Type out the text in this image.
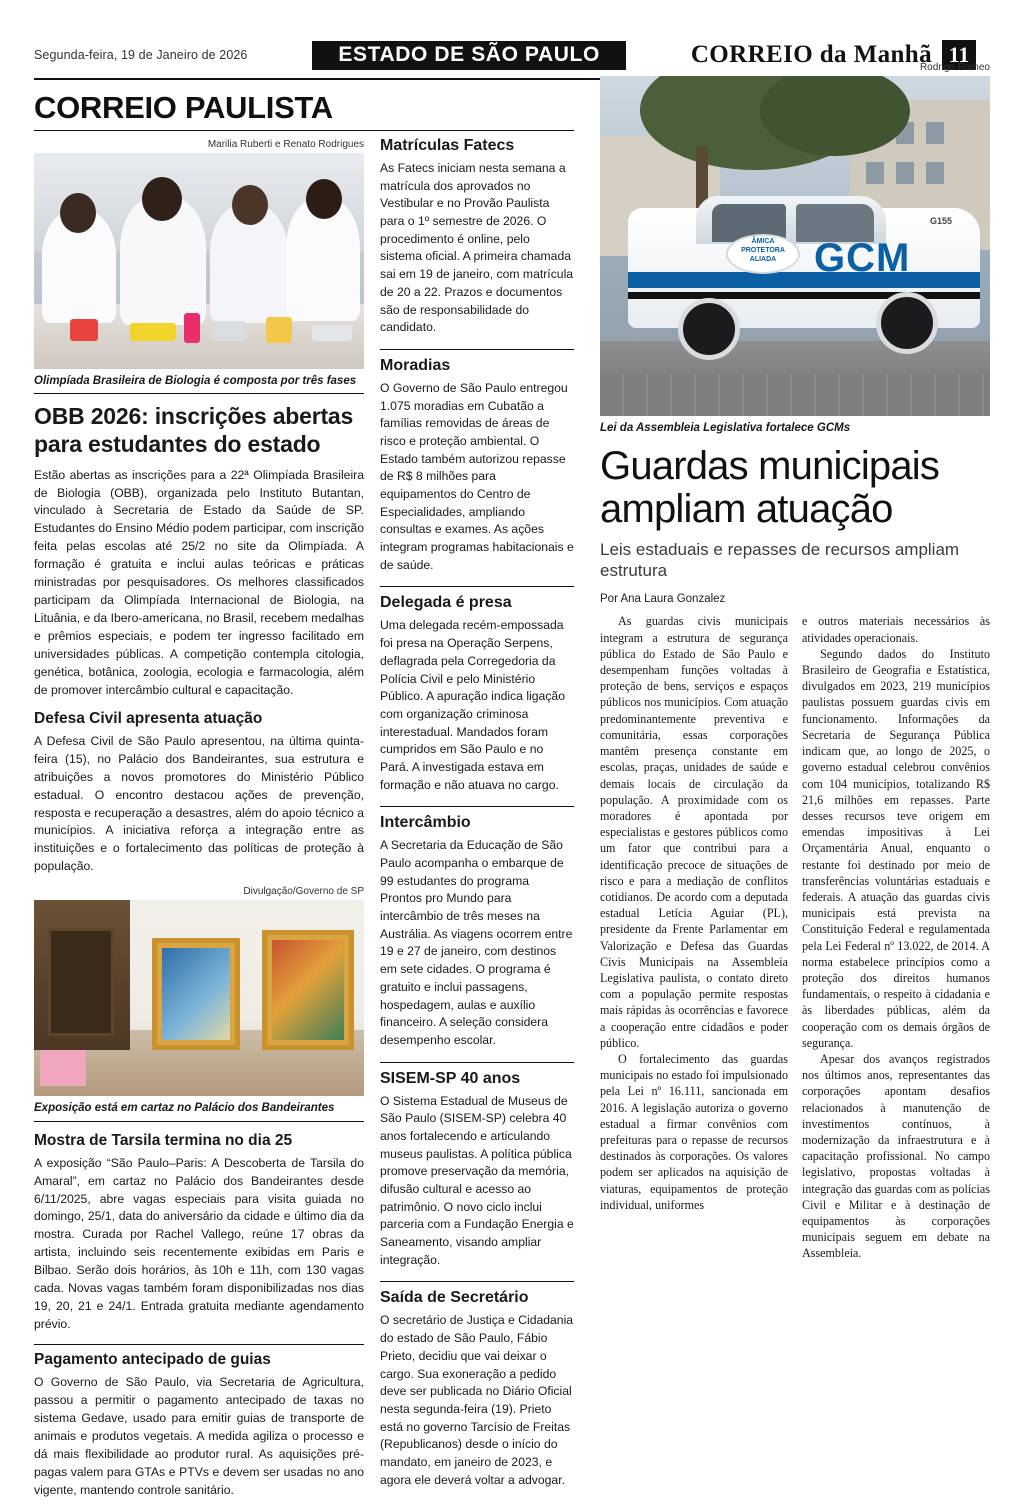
Segunda-feira, 19 de Janeiro de 2026	ESTADO DE SÃO PAULO	CORREIO da Manhã 11
CORREIO PAULISTA
Marilia Ruberti e Renato Rodrigues
Olimpíada Brasileira de Biologia é composta por três fases
OBB 2026: inscrições abertas para estudantes do estado

Estão abertas as inscrições para a 22ª Olimpíada Brasileira de Biologia (OBB), organizada pelo Instituto Butantan, vinculado à Secretaria de Estado da Saúde de SP. Estudantes do Ensino Médio podem participar, com inscrição feita pelas escolas até 25/2 no site da Olimpíada. A formação é gratuita e inclui aulas teóricas e práticas ministradas por pesquisadores. Os melhores classificados participam da Olimpíada Internacional de Biologia, na Lituânia, e da Ibero-americana, no Brasil, recebem medalhas e prêmios especiais, e podem ter ingresso facilitado em universidades públicas. A competição contempla citologia, genética, botânica, zoologia, ecologia e farmacologia, além de promover intercâmbio cultural e capacitação.

Defesa Civil apresenta atuação

A Defesa Civil de São Paulo apresentou, na última quinta-feira (15), no Palácio dos Bandeirantes, sua estrutura e atribuições a novos promotores do Ministério Público estadual. O encontro destacou ações de prevenção, resposta e recuperação a desastres, além do apoio técnico a municípios. A iniciativa reforça a integração entre as instituições e o fortalecimento das políticas de proteção à população.

Divulgação/Governo de SP
Exposição está em cartaz no Palácio dos Bandeirantes
Mostra de Tarsila termina no dia 25

A exposição “São Paulo–Paris: A Descoberta de Tarsila do Amaral”, em cartaz no Palácio dos Bandeirantes desde 6/11/2025, abre vagas especiais para visita guiada no domingo, 25/1, data do aniversário da cidade e último dia da mostra. Curada por Rachel Vallego, reúne 17 obras da artista, incluindo seis recentemente exibidas em Paris e Bilbao. Serão dois horários, às 10h e 11h, com 130 vagas cada. Novas vagas também foram disponibilizadas nos dias 19, 20, 21 e 24/1. Entrada gratuita mediante agendamento prévio.

Pagamento antecipado de guias

O Governo de São Paulo, via Secretaria de Agricultura, passou a permitir o pagamento antecipado de taxas no sistema Gedave, usado para emitir guias de transporte de animais e produtos vegetais. A medida agiliza o processo e dá mais flexibilidade ao produtor rural. As aquisições pré-pagas valem para GTAs e PTVs e devem ser usadas no ano vigente, mantendo controle sanitário.

Matrículas Fatecs
As Fatecs iniciam nesta semana a matrícula dos aprovados no Vestibular e no Provão Paulista para o 1º semestre de 2026. O procedimento é online, pelo sistema oficial. A primeira chamada sai em 19 de janeiro, com matrícula de 20 a 22. Prazos e documentos são de responsabilidade do candidato.
Moradias
O Governo de São Paulo entregou 1.075 moradias em Cubatão a famílias removidas de áreas de risco e proteção ambiental. O Estado também autorizou repasse de R$ 8 milhões para equipamentos do Centro de Especialidades, ampliando consultas e exames. As ações integram programas habitacionais e de saúde.
Delegada é presa
Uma delegada recém-empossada foi presa na Operação Serpens, deflagrada pela Corregedoria da Polícia Civil e pelo Ministério Público. A apuração indica ligação com organização criminosa interestadual. Mandados foram cumpridos em São Paulo e no Pará. A investigada estava em formação e não atuava no cargo.
Intercâmbio
A Secretaria da Educação de São Paulo acompanha o embarque de 99 estudantes do programa Prontos pro Mundo para intercâmbio de três meses na Austrália. As viagens ocorrem entre 19 e 27 de janeiro, com destinos em sete cidades. O programa é gratuito e inclui passagens, hospedagem, aulas e auxílio financeiro. A seleção considera desempenho escolar.
SISEM-SP 40 anos
O Sistema Estadual de Museus de São Paulo (SISEM-SP) celebra 40 anos fortalecendo e articulando museus paulistas. A política pública promove preservação da memória, difusão cultural e acesso ao patrimônio. O novo ciclo inclui parceria com a Fundação Energia e Saneamento, visando ampliar integração.
Saída de Secretário
O secretário de Justiça e Cidadania do estado de São Paulo, Fábio Prieto, decidiu que vai deixar o cargo. Sua exoneração a pedido deve ser publicada no Diário Oficial nesta segunda-feira (19). Prieto está no governo Tarcísio de Freitas (Republicanos) desde o início do mandato, em janeiro de 2023, e agora ele deverá voltar a advogar.
Rodrigo Romeo
GCM
ÂMICA
PROTETORA
ALIADA
G155
Lei da Assembleia Legislativa fortalece GCMs
Guardas municipais ampliam atuação
Leis estaduais e repasses de recursos ampliam estrutura
Por Ana Laura Gonzalez

As guardas civis municipais integram a estrutura de segurança pública do Estado de São Paulo e desempenham funções voltadas à proteção de bens, serviços e espaços públicos nos municípios. Com atuação predominantemente preventiva e comunitária, essas corporações mantêm presença constante em escolas, praças, unidades de saúde e demais locais de circulação da população. A proximidade com os moradores é apontada por especialistas e gestores públicos como um fator que contribui para a identificação precoce de situações de risco e para a mediação de conflitos cotidianos. De acordo com a deputada estadual Letícia Aguiar (PL), presidente da Frente Parlamentar em Valorização e Defesa das Guardas Civis Municipais na Assembleia Legislativa paulista, o contato direto com a população permite respostas mais rápidas às ocorrências e favorece a cooperação entre cidadãos e poder público.

O fortalecimento das guardas municipais no estado foi impulsionado pela Lei nº 16.111, sancionada em 2016. A legislação autoriza o governo estadual a firmar convênios com prefeituras para o repasse de recursos destinados às corporações. Os valores podem ser aplicados na aquisição de viaturas, equipamentos de proteção individual, uniformes

e outros materiais necessários às atividades operacionais.

Segundo dados do Instituto Brasileiro de Geografia e Estatística, divulgados em 2023, 219 municípios paulistas possuem guardas civis em funcionamento. Informações da Secretaria de Segurança Pública indicam que, ao longo de 2025, o governo estadual celebrou convênios com 104 municípios, totalizando R$ 21,6 milhões em repasses. Parte desses recursos teve origem em emendas impositivas à Lei Orçamentária Anual, enquanto o restante foi destinado por meio de transferências voluntárias estaduais e federais. A atuação das guardas civis municipais está prevista na Constituição Federal e regulamentada pela Lei Federal nº 13.022, de 2014. A norma estabelece princípios como a proteção dos direitos humanos fundamentais, o respeito à cidadania e às liberdades públicas, além da cooperação com os demais órgãos de segurança.

Apesar dos avanços registrados nos últimos anos, representantes das corporações apontam desafios relacionados à manutenção de investimentos contínuos, à modernização da infraestrutura e à capacitação profissional. No campo legislativo, propostas voltadas à integração das guardas com as polícias Civil e Militar e à destinação de equipamentos às corporações municipais seguem em debate na Assembleia.
